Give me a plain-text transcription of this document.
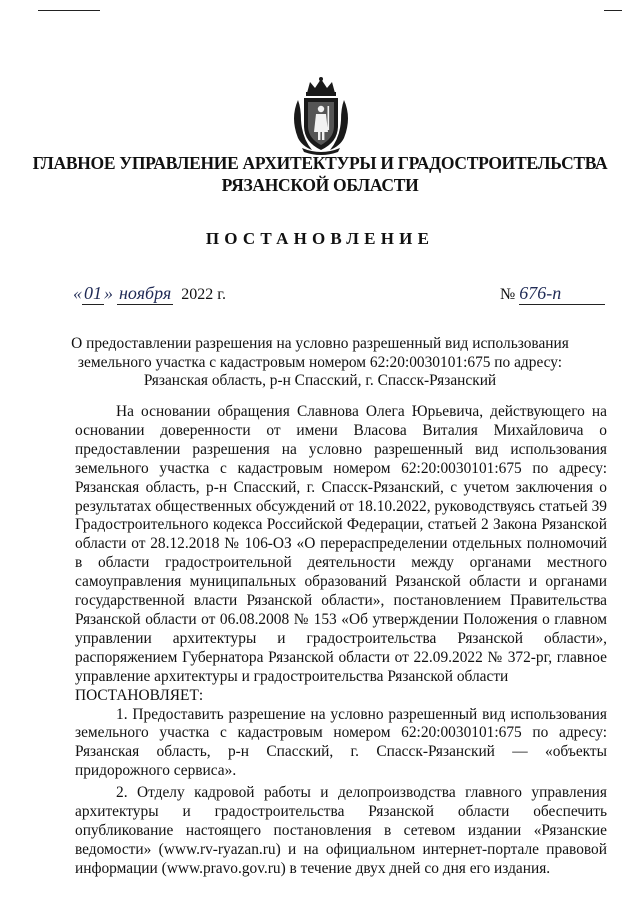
ГЛАВНОЕ УПРАВЛЕНИЕ АРХИТЕКТУРЫ И ГРАДОСТРОИТЕЛЬСТВА
РЯЗАНСКОЙ ОБЛАСТИ
ПОСТАНОВЛЕНИЕ
« 01 » ноября 2022 г.	№ 676-п
О предоставлении разрешения на условно разрешенный вид использования земельного участка с кадастровым номером 62:20:0030101:675 по адресу: Рязанская область, р-н Спасский, г. Спасск-Рязанский

На основании обращения Славнова Олега Юрьевича, действующего на основании доверенности от имени Власова Виталия Михайловича о предоставлении разрешения на условно разрешенный вид использования земельного участка с кадастровым номером 62:20:0030101:675 по адресу: Рязанская область, р-н Спасский, г. Спасск-Рязанский, с учетом заключения о результатах общественных обсуждений от 18.10.2022, руководствуясь статьей 39 Градостроительного кодекса Российской Федерации, статьей 2 Закона Рязанской области от 28.12.2018 № 106-ОЗ «О перераспределении отдельных полномочий в области градостроительной деятельности между органами местного самоуправления муниципальных образований Рязанской области и органами государственной власти Рязанской области», постановлением Правительства Рязанской области от 06.08.2008 № 153 «Об утверждении Положения о главном управлении архитектуры и градостроительства Рязанской области», распоряжением Губернатора Рязанской области от 22.09.2022 № 372-рг, главное управление архитектуры и градостроительства Рязанской области

ПОСТАНОВЛЯЕТ:

1. Предоставить разрешение на условно разрешенный вид использования земельного участка с кадастровым номером 62:20:0030101:675 по адресу: Рязанская область, р-н Спасский, г. Спасск-Рязанский — «объекты придорожного сервиса».

2. Отделу кадровой работы и делопроизводства главного управления архитектуры и градостроительства Рязанской области обеспечить опубликование настоящего постановления в сетевом издании «Рязанские ведомости» (www.rv-ryazan.ru) и на официальном интернет-портале правовой информации (www.pravo.gov.ru) в течение двух дней со дня его издания.
